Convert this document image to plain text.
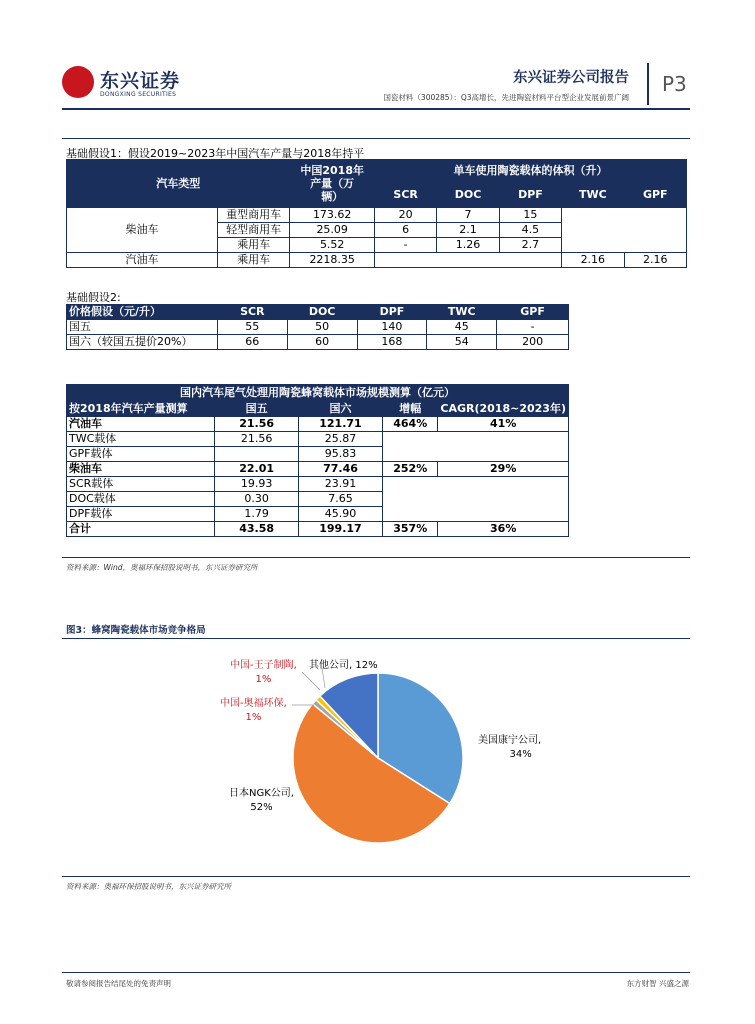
东兴证券
DONGXING SECURITIES
东兴证券公司报告 P3
国瓷材料（300285）：Q3高增长，先进陶瓷材料平台型企业发展前景广阔
基础假设1：假设2019~2023年中国汽车产量与2018年持平
汽车类型		中国2018年
产量（万
辆）	单车使用陶瓷载体的体积（升）				
			SCR	DOC	DPF	TWC	GPF

柴油车	重型商用车	173.62	20	7	15		
	轻型商用车	25.09	6	2.1	4.5		
	乘用车	5.52	-	1.26	2.7		
汽油车	乘用车	2218.35				2.16	2.16
基础假设2:
价格假设（元/升）	SCR	DOC	DPF	TWC	GPF
国五	55	50	140	45	-
国六（较国五提价20%）	66	60	168	54	200
国内汽车尾气处理用陶瓷蜂窝载体市场规模测算（亿元）				
按2018年汽车产量测算	国五	国六	增幅	CAGR(2018~2023年)
汽油车	21.56	121.71	464%	41%
TWC载体	21.56	25.87		
GPF载体		95.83		
柴油车	22.01	77.46	252%	29%
SCR载体	19.93	23.91		
DOC载体	0.30	7.65		
DPF载体	1.79	45.90		
合计	43.58	199.17	357%	36%
资料来源：Wind，奥福环保招股说明书，东兴证券研究所
图3：蜂窝陶瓷载体市场竞争格局
美国康宁公司,
34%
日本NGK公司,
52%
中国-奥福环保,
1%
中国-王子制陶,
1%
其他公司, 12%
资料来源：奥福环保招股说明书，东兴证券研究所
敬请参阅报告结尾处的免责声明	东方财智 兴盛之源
